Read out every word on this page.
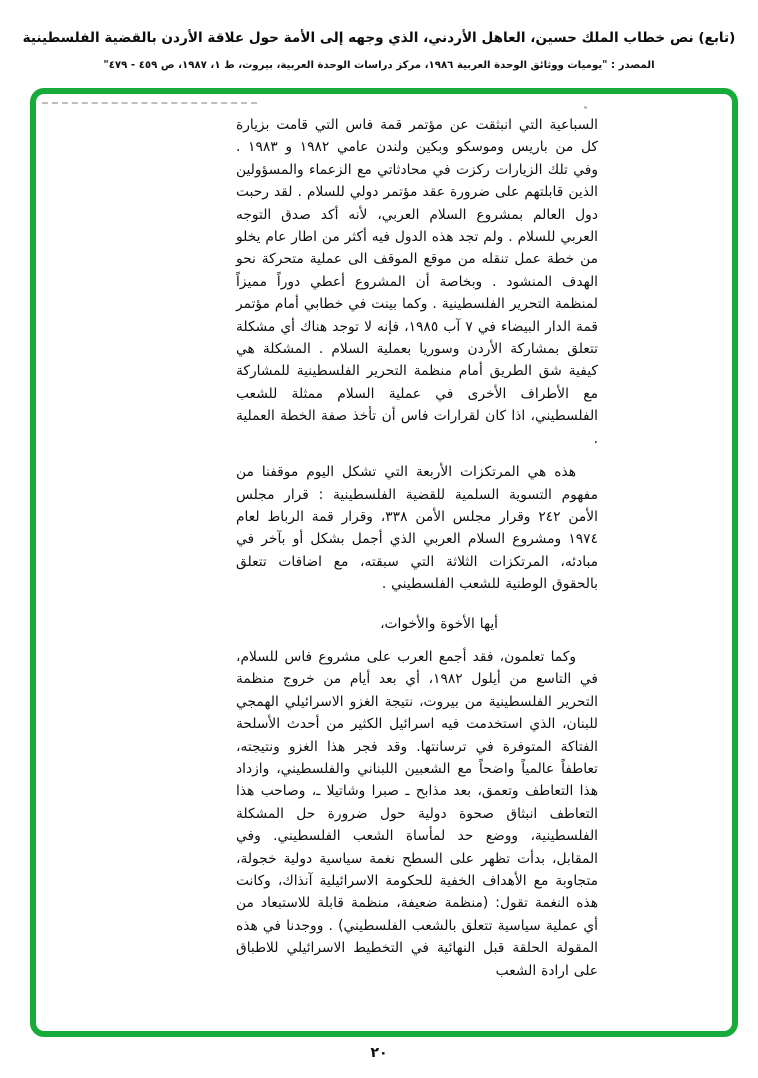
(تابع) نص خطاب الملك حسين، العاهل الأردني، الذي وجهه إلى الأمة حول علاقة الأردن بالقضية الفلسطينية
المصدر : "يوميات ووثائق الوحدة العربية ١٩٨٦، مركز دراسات الوحدة العربية، بيروت، ط ١، ١٩٨٧، ص ٤٥٩ - ٤٧٩"

السباعية التي انبثقت عن مؤتمر قمة فاس التي قامت بزيارة كل من باريس وموسكو وبكين ولندن عامي ١٩٨٢ و ١٩٨٣ . وفي تلك الزيارات ركزت في محادثاتي مع الزعماء والمسؤولين الذين قابلتهم على ضرورة عقد مؤتمر دولي للسلام . لقد رحبت دول العالم بمشروع السلام العربي، لأنه أكد صدق التوجه العربي للسلام . ولم تجد هذه الدول فيه أكثر من اطار عام يخلو من خطة عمل تنقله من موقع الموقف الى عملية متحركة نحو الهدف المنشود . وبخاصة أن المشروع أعطي دوراً مميزاً لمنظمة التحرير الفلسطينية . وكما بينت في خطابي أمام مؤتمر قمة الدار البيضاء في ٧ آب ١٩٨٥، فإنه لا توجد هناك أي مشكلة تتعلق بمشاركة الأردن وسوريا بعملية السلام . المشكلة هي كيفية شق الطريق أمام منظمة التحرير الفلسطينية للمشاركة مع الأطراف الأخرى في عملية السلام ممثلة للشعب الفلسطيني، اذا كان لقرارات فاس أن تأخذ صفة الخطة العملية .

هذه هي المرتكزات الأربعة التي تشكل اليوم موقفنا من مفهوم التسوية السلمية للقضية الفلسطينية : قرار مجلس الأمن ٢٤٢ وقرار مجلس الأمن ٣٣٨، وقرار قمة الرباط لعام ١٩٧٤ ومشروع السلام العربي الذي أجمل بشكل أو بآخر في مبادئه، المرتكزات الثلاثة التي سبقته، مع اضافات تتعلق بالحقوق الوطنية للشعب الفلسطيني .

أيها الأخوة والأخوات،

وكما تعلمون، فقد أجمع العرب على مشروع فاس للسلام، في التاسع من أيلول ١٩٨٢، أي بعد أيام من خروج منظمة التحرير الفلسطينية من بيروت، نتيجة الغزو الاسرائيلي الهمجي للبنان، الذي استخدمت فيه اسرائيل الكثير من أحدث الأسلحة الفتاكة المتوفرة في ترسانتها. وقد فجر هذا الغزو ونتيجته، تعاطفاً عالمياً واضحاً مع الشعبين اللبناني والفلسطيني، وازداد هذا التعاطف وتعمق، بعد مذابح ـ صبرا وشاتيلا ـ، وصاحب هذا التعاطف انبثاق صحوة دولية حول ضرورة حل المشكلة الفلسطينية، ووضع حد لمأساة الشعب الفلسطيني. وفي المقابل، بدأت تظهر على السطح نغمة سياسية دولية خجولة، متجاوبة مع الأهداف الخفية للحكومة الاسرائيلية آنذاك، وكانت هذه النغمة تقول: (منظمة ضعيفة، منظمة قابلة للاستبعاد من أي عملية سياسية تتعلق بالشعب الفلسطيني) . ووجدنا في هذه المقولة الحلقة قبل النهائية في التخطيط الاسرائيلي للاطباق على ارادة الشعب

٢٠
